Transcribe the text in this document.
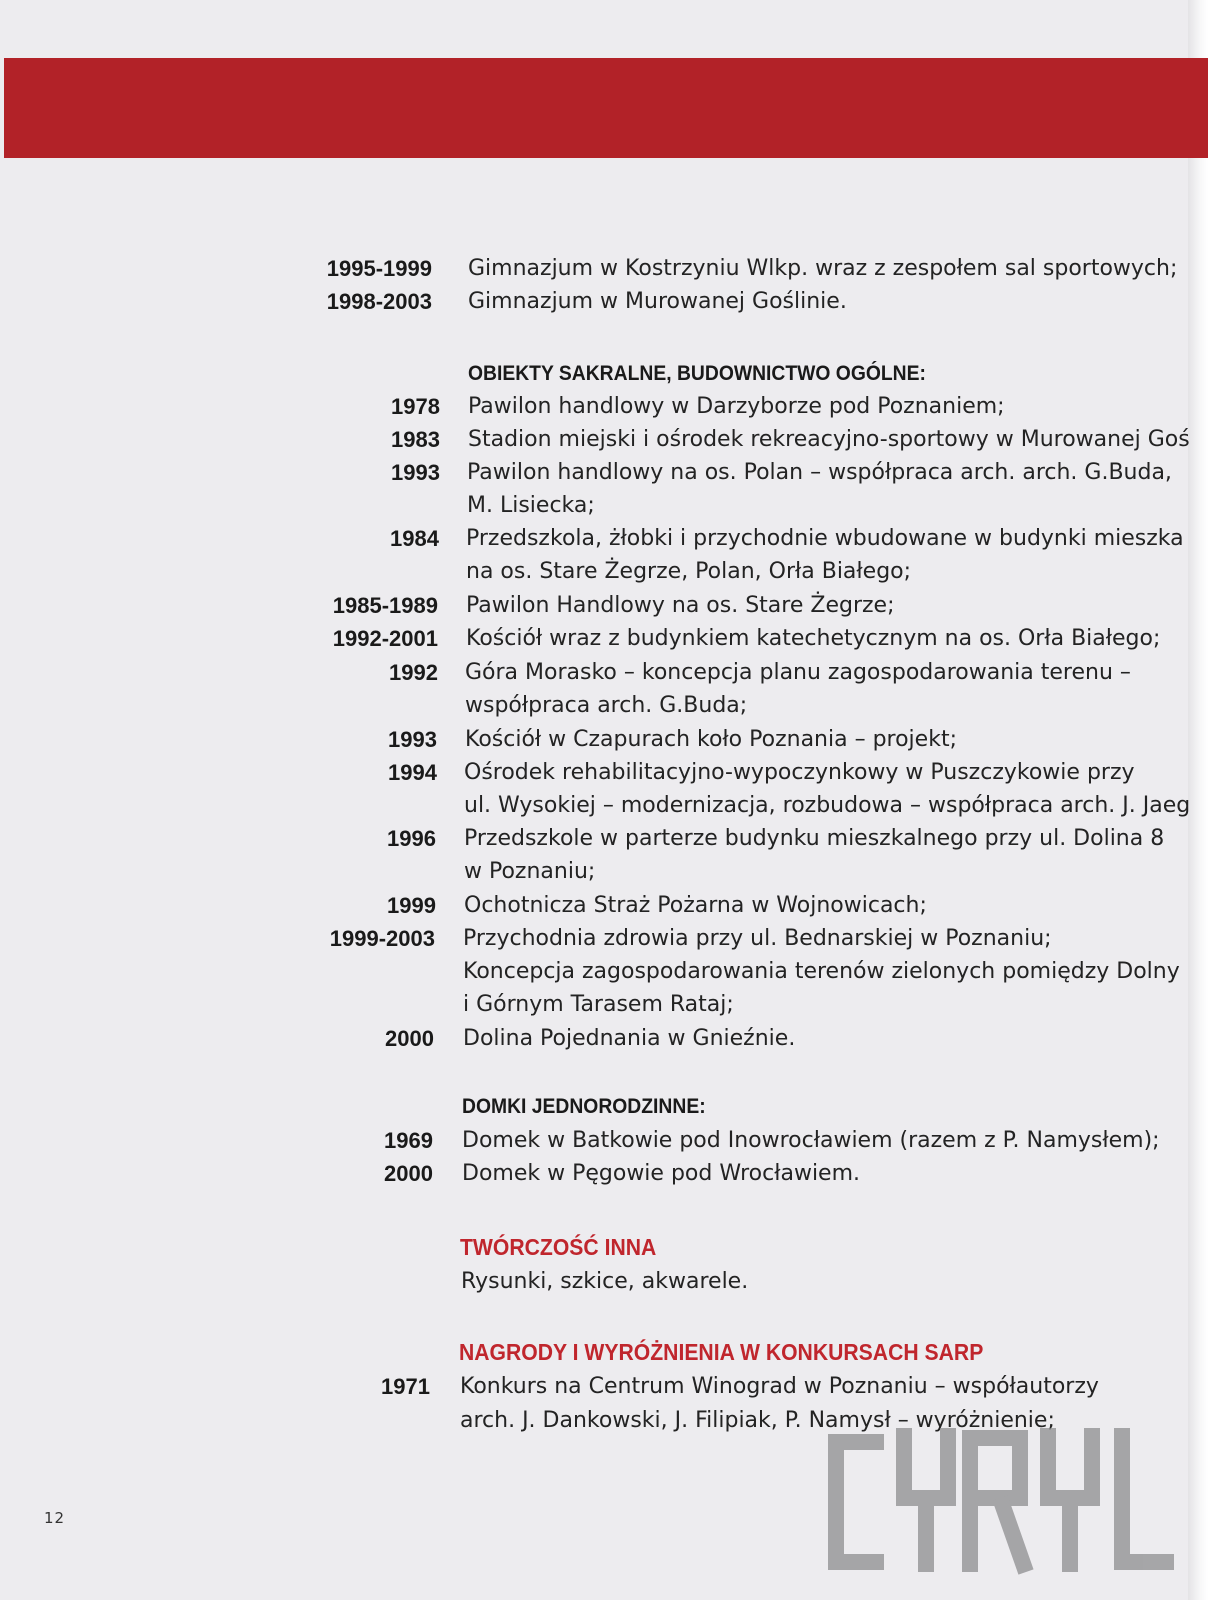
1995-1999 Gimnazjum w Kostrzyniu Wlkp. wraz z zespołem sal sportowych;
1998-2003 Gimnazjum w Murowanej Goślinie.
OBIEKTY SAKRALNE, BUDOWNICTWO OGÓLNE:
1978 Pawilon handlowy w Darzyborze pod Poznaniem;
1983 Stadion miejski i ośrodek rekreacyjno-sportowy w Murowanej Goś
1993 Pawilon handlowy na os. Polan – współpraca arch. arch. G.Buda,
M. Lisiecka;
1984 Przedszkola, żłobki i przychodnie wbudowane w budynki mieszka
na os. Stare Żegrze, Polan, Orła Białego;
1985-1989 Pawilon Handlowy na os. Stare Żegrze;
1992-2001 Kościół wraz z budynkiem katechetycznym na os. Orła Białego;
1992 Góra Morasko – koncepcja planu zagospodarowania terenu –
współpraca arch. G.Buda;
1993 Kościół w Czapurach koło Poznania – projekt;
1994 Ośrodek rehabilitacyjno-wypoczynkowy w Puszczykowie przy
ul. Wysokiej – modernizacja, rozbudowa – współpraca arch. J. Jaeg
1996 Przedszkole w parterze budynku mieszkalnego przy ul. Dolina 8
w Poznaniu;
1999 Ochotnicza Straż Pożarna w Wojnowicach;
1999-2003 Przychodnia zdrowia przy ul. Bednarskiej w Poznaniu;
Koncepcja zagospodarowania terenów zielonych pomiędzy Dolny
i Górnym Tarasem Rataj;
2000 Dolina Pojednania w Gnieźnie.
DOMKI JEDNORODZINNE:
1969 Domek w Batkowie pod Inowrocławiem (razem z P. Namysłem);
2000 Domek w Pęgowie pod Wrocławiem.
TWÓRCZOŚĆ INNA
Rysunki, szkice, akwarele.
NAGRODY I WYRÓŻNIENIA W KONKURSACH SARP
1971 Konkurs na Centrum Winograd w Poznaniu – współautorzy
arch. J. Dankowski, J. Filipiak, P. Namysł – wyróżnienie;
12
